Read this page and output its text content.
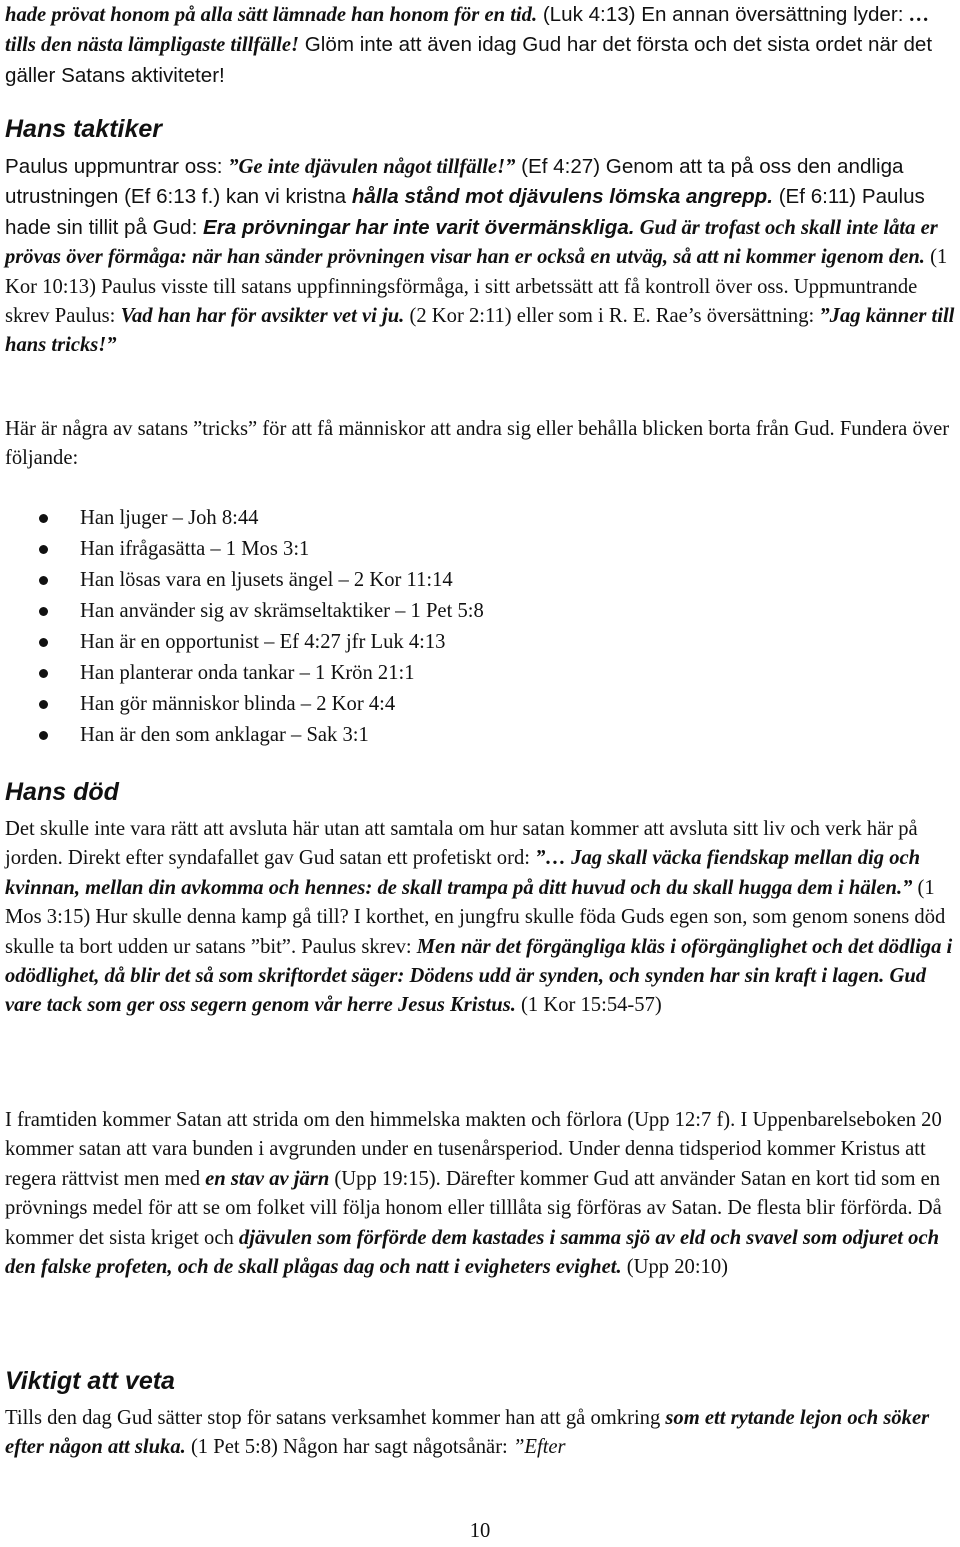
hade prövat honom på alla sätt lämnade han honom för en tid. (Luk 4:13) En annan översättning lyder: … tills den nästa lämpligaste tillfälle! Glöm inte att även idag Gud har det första och det sista ordet när det gäller Satans aktiviteter!

Hans taktiker

Paulus uppmuntrar oss: ”Ge inte djävulen något tillfälle!” (Ef 4:27) Genom att ta på oss den andliga utrustningen (Ef 6:13 f.) kan vi kristna hålla stånd mot djävulens lömska angrepp. (Ef 6:11) Paulus hade sin tillit på Gud: Era prövningar har inte varit övermänskliga. Gud är trofast och skall inte låta er prövas över förmåga: när han sänder prövningen visar han er också en utväg, så att ni kommer igenom den. (1 Kor 10:13) Paulus visste till satans uppfinningsförmåga, i sitt arbetssätt att få kontroll över oss. Uppmuntrande skrev Paulus: Vad han har för avsikter vet vi ju. (2 Kor 2:11) eller som i R. E. Rae’s översättning: ”Jag känner till hans tricks!”

Här är några av satans ”tricks” för att få människor att andra sig eller behålla blicken borta från Gud. Fundera över följande:

Han ljuger – Joh 8:44
Han ifrågasätta – 1 Mos 3:1
Han lösas vara en ljusets ängel – 2 Kor 11:14
Han använder sig av skrämseltaktiker – 1 Pet 5:8
Han är en opportunist – Ef 4:27 jfr Luk 4:13
Han planterar onda tankar – 1 Krön 21:1
Han gör människor blinda – 2 Kor 4:4
Han är den som anklagar – Sak 3:1
Hans död

Det skulle inte vara rätt att avsluta här utan att samtala om hur satan kommer att avsluta sitt liv och verk här på jorden. Direkt efter syndafallet gav Gud satan ett profetiskt ord: ”… Jag skall väcka fiendskap mellan dig och kvinnan, mellan din avkomma och hennes: de skall trampa på ditt huvud och du skall hugga dem i hälen.” (1 Mos 3:15) Hur skulle denna kamp gå till? I korthet, en jungfru skulle föda Guds egen son, som genom sonens död skulle ta bort udden ur satans ”bit”. Paulus skrev: Men när det förgängliga kläs i oförgänglighet och det dödliga i odödlighet, då blir det så som skriftordet säger: Dödens udd är synden, och synden har sin kraft i lagen. Gud vare tack som ger oss segern genom vår herre Jesus Kristus. (1 Kor 15:54-57)

I framtiden kommer Satan att strida om den himmelska makten och förlora (Upp 12:7 f). I Uppenbarelseboken 20 kommer satan att vara bunden i avgrunden under en tusenårsperiod. Under denna tidsperiod kommer Kristus att regera rättvist men med en stav av järn (Upp 19:15). Därefter kommer Gud att använder Satan en kort tid som en prövnings medel för att se om folket vill följa honom eller tilllåta sig förföras av Satan. De flesta blir förförda. Då kommer det sista kriget och djävulen som förförde dem kastades i samma sjö av eld och svavel som odjuret och den falske profeten, och de skall plågas dag och natt i evigheters evighet. (Upp 20:10)

Viktigt att veta

Tills den dag Gud sätter stop för satans verksamhet kommer han att gå omkring som ett rytande lejon och söker efter någon att sluka. (1 Pet 5:8) Någon har sagt någotsånär: ”Efter

10
